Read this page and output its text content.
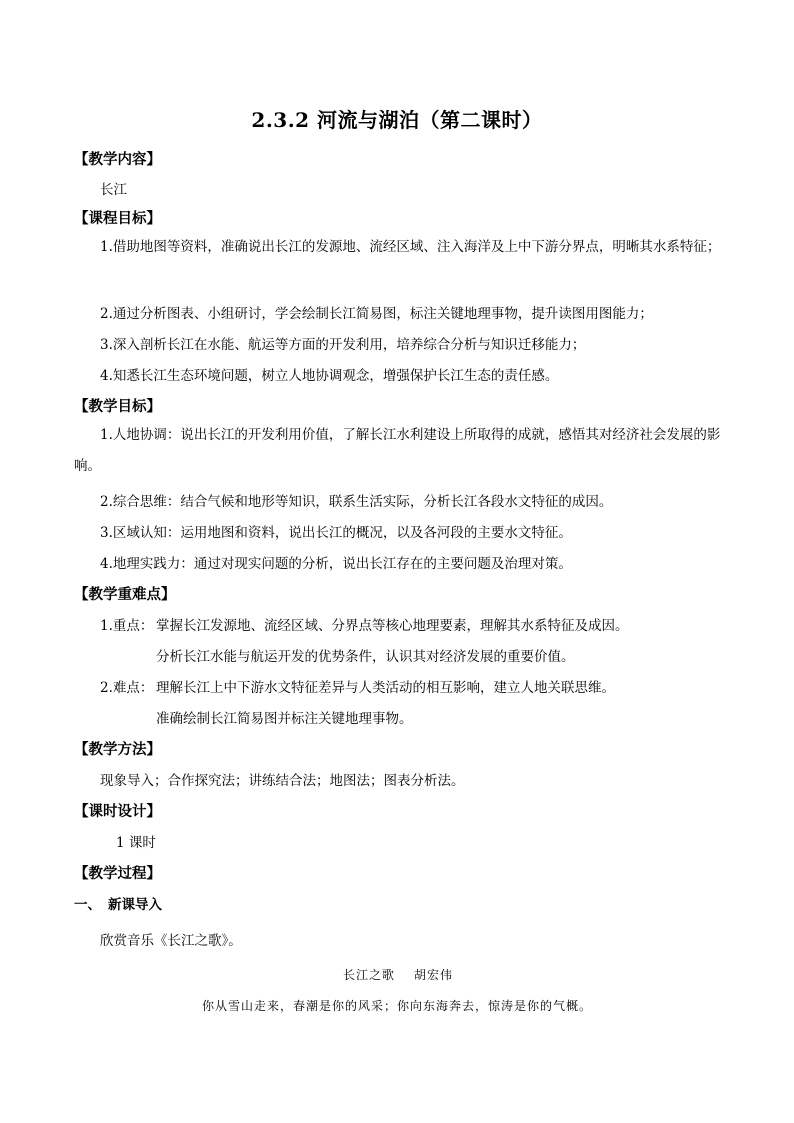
2.3.2 河流与湖泊（第二课时）
【教学内容】
长江
【课程目标】
1.借助地图等资料，准确说出长江的发源地、流经区域、注入海洋及上中下游分界点，明晰其水系特征；
2.通过分析图表、小组研讨，学会绘制长江简易图，标注关键地理事物，提升读图用图能力；
3.深入剖析长江在水能、航运等方面的开发利用，培养综合分析与知识迁移能力；
4.知悉长江生态环境问题，树立人地协调观念，增强保护长江生态的责任感。
【教学目标】
1.人地协调：说出长江的开发利用价值，了解长江水利建设上所取得的成就，感悟其对经济社会发展的影响。
2.综合思维：结合气候和地形等知识，联系生活实际，分析长江各段水文特征的成因。
3.区域认知：运用地图和资料，说出长江的概况，以及各河段的主要水文特征。
4.地理实践力：通过对现实问题的分析，说出长江存在的主要问题及治理对策。
【教学重难点】
1.重点： 掌握长江发源地、流经区域、分界点等核心地理要素，理解其水系特征及成因。
分析长江水能与航运开发的优势条件，认识其对经济发展的重要价值。
2.难点： 理解长江上中下游水文特征差异与人类活动的相互影响，建立人地关联思维。
准确绘制长江简易图并标注关键地理事物。
【教学方法】
现象导入；合作探究法；讲练结合法；地图法；图表分析法。
【课时设计】
1 课时
【教学过程】
一、 新课导入
欣赏音乐《长江之歌》。
长江之歌 胡宏伟
你从雪山走来，春潮是你的风采；你向东海奔去，惊涛是你的气概。
